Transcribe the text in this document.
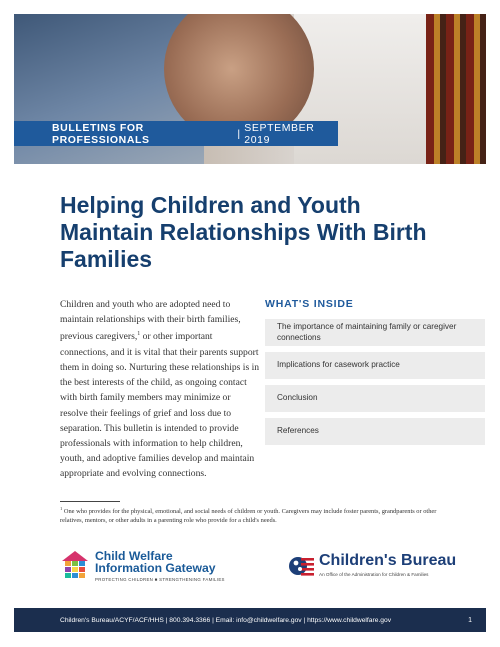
BULLETINS FOR PROFESSIONALS	| SEPTEMBER 2019
Helping Children and Youth Maintain Relationships With Birth Families

Children and youth who are adopted need to maintain relationships with their birth families, previous caregivers,$^1$ or other important connections, and it is vital that their parents support them in doing so. Nurturing these relationships is in the best interests of the child, as ongoing contact with birth family members may minimize or resolve their feelings of grief and loss due to separation. This bulletin is intended to provide professionals with information to help children, youth, and adoptive families develop and maintain appropriate and evolving connections.

WHAT'S INSIDE
The importance of maintaining family or caregiver connections
Implications for casework practice
Conclusion
References

$^1$ One who provides for the physical, emotional, and social needs of children or youth. Caregivers may include foster parents, grandparents or other relatives, mentors, or other adults in a parenting role who provide for a child's needs.

Child Welfare
Information Gateway
PROTECTING CHILDREN ■ STRENGTHENING FAMILIES
Children's Bureau
An Office of the Administration for Children & Families
Children's Bureau/ACYF/ACF/HHS | 800.394.3366 | Email: info@childwelfare.gov | https://www.childwelfare.gov	1
